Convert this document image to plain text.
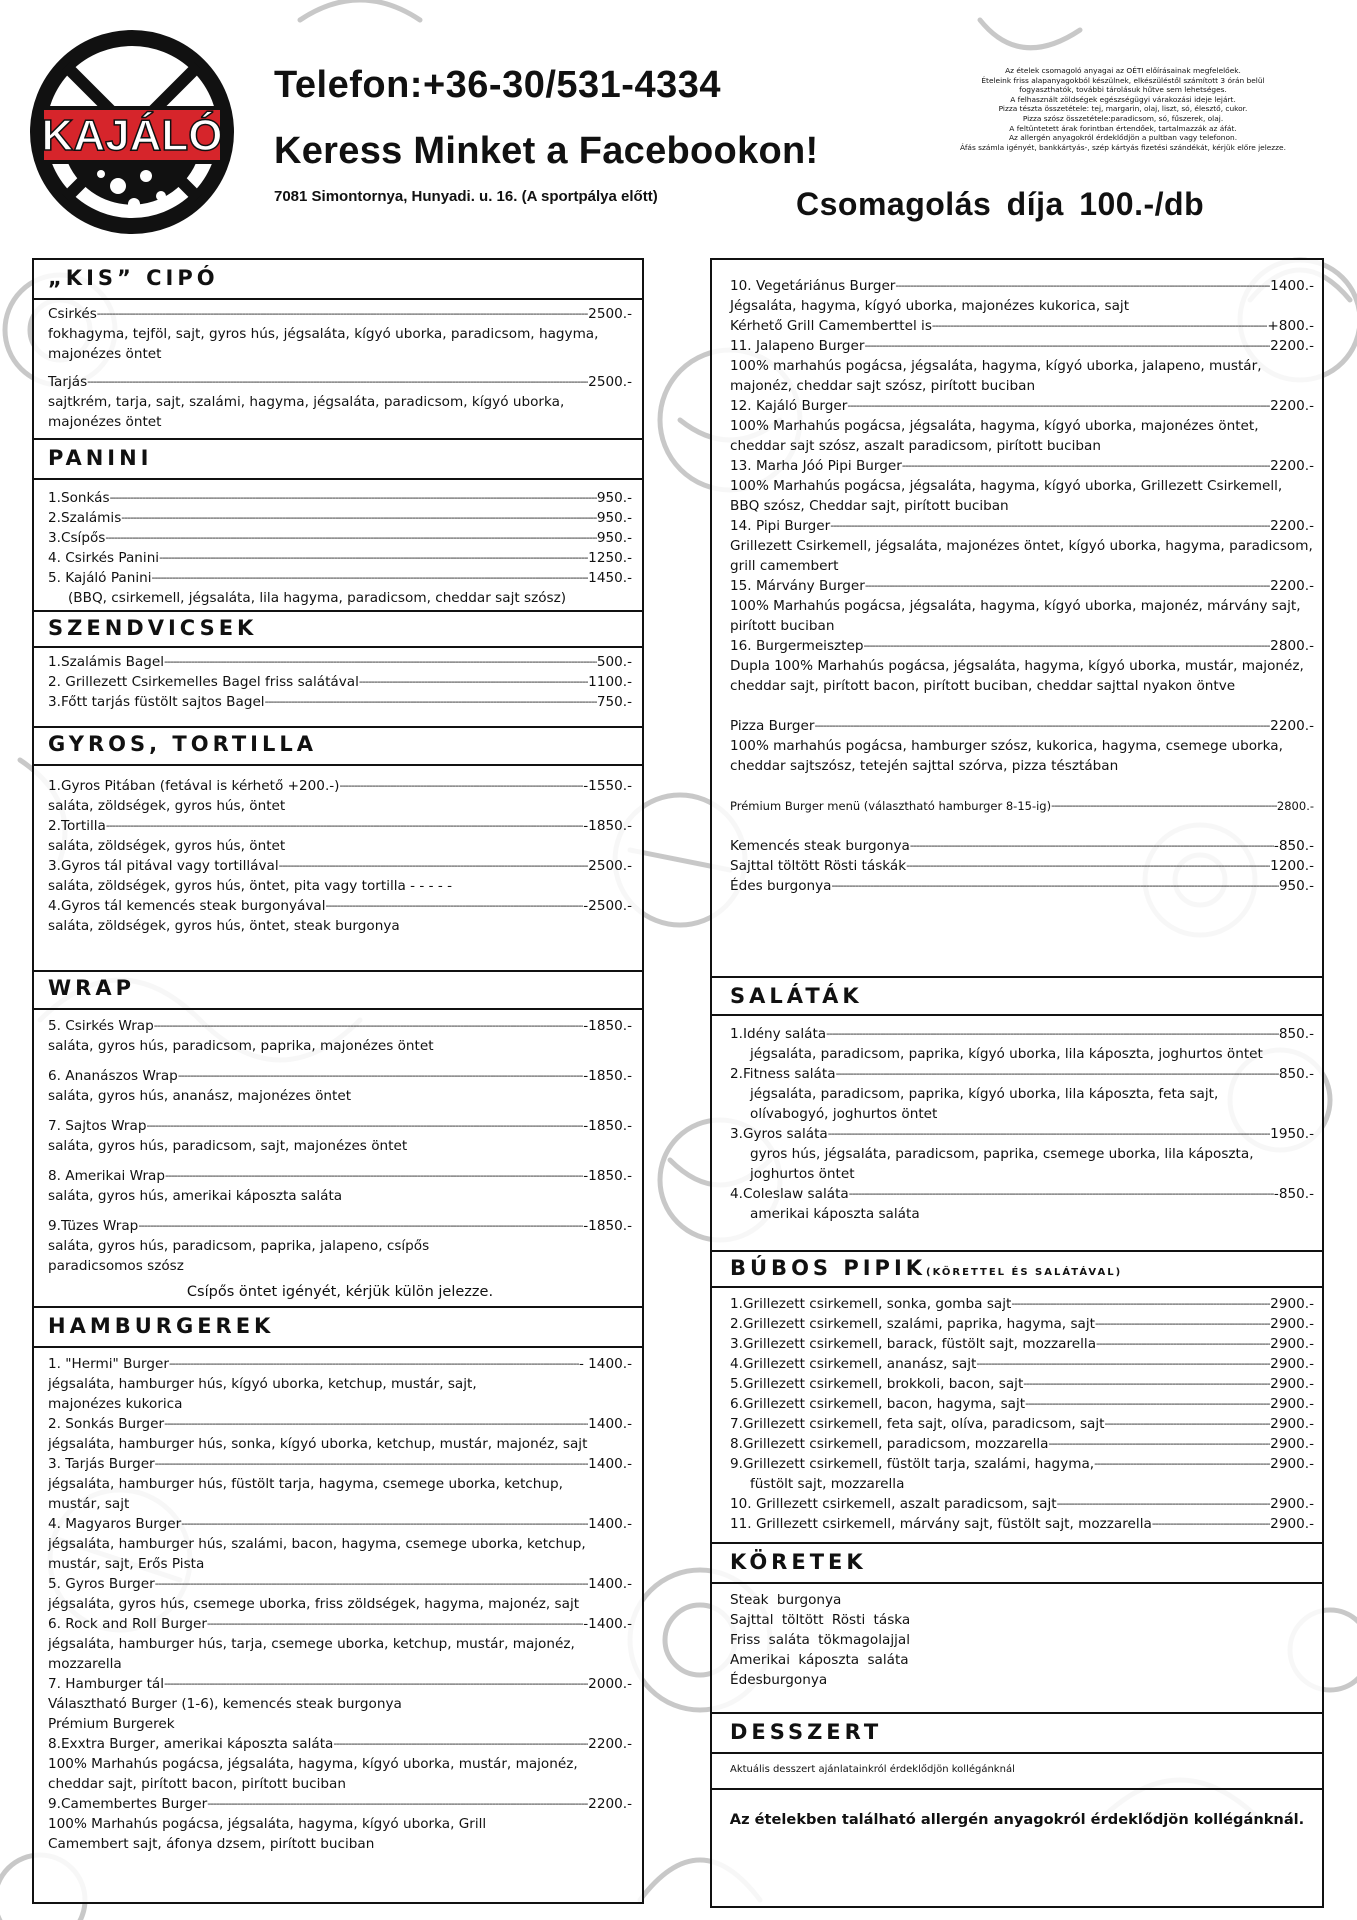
KAJÁLÓ
Telefon:+36-30/531-4334
Keress Minket a Facebookon!
7081 Simontornya, Hunyadi. u. 16. (A sportpálya előtt)	Csomagolás díja 100.-/db
Az ételek csomagoló anyagai az OÉTI előírásainak megfelelőek.
Ételeink friss alapanyagokból készülnek, elkészüléstől számított 3 órán belül
fogyaszthatók, további tárolásuk hűtve sem lehetséges.
A felhasznált zöldségek egészségügyi várakozási ideje lejárt.
Pizza tészta összetétele: tej, margarin, olaj, liszt, só, élesztő, cukor.
Pizza szósz összetétele:paradicsom, só, fűszerek, olaj.
A feltüntetett árak forintban értendőek, tartalmazzák az áfát.
Az allergén anyagokról érdeklődjön a pultban vagy telefonon.
Áfás számla igényét, bankkártyás-, szép kártyás fizetési szándékát, kérjük előre jelezze.
„KIS” CIPÓ
Csirkés -----	2500.-
fokhagyma, tejföl, sajt, gyros hús, jégsaláta, kígyó uborka, paradicsom, hagyma, majonézes öntet
Tarjás -----	2500.-
sajtkrém, tarja, sajt, szalámi, hagyma, jégsaláta, paradicsom, kígyó uborka, majonézes öntet
PANINI
1.Sonkás -----	950.-
2.Szalámis -----	950.-
3.Csípős -----	950.-
4. Csirkés Panini -----	1250.-
5. Kajáló Panini -----	1450.-
(BBQ, csirkemell, jégsaláta, lila hagyma, paradicsom, cheddar sajt szósz)
SZENDVICSEK
1.Szalámis Bagel -----	500.-
2. Grillezett Csirkemelles Bagel friss salátával -----	1100.-
3.Főtt tarjás füstölt sajtos Bagel -----	750.-
GYROS, TORTILLA
1.Gyros Pitában (fetával is kérhető +200.-) -----	-1550.-
saláta, zöldségek, gyros hús, öntet
2.Tortilla -----	-1850.-
saláta, zöldségek, gyros hús, öntet
3.Gyros tál pitával vagy tortillával -----	2500.-
saláta, zöldségek, gyros hús, öntet, pita vagy tortilla - - - - -
4.Gyros tál kemencés steak burgonyával -----	-2500.-
saláta, zöldségek, gyros hús, öntet, steak burgonya
WRAP
5. Csirkés Wrap -----	-1850.-
saláta, gyros hús, paradicsom, paprika, majonézes öntet
6. Ananászos Wrap -----	-1850.-
saláta, gyros hús, ananász, majonézes öntet
7. Sajtos Wrap -----	-1850.-
saláta, gyros hús, paradicsom, sajt, majonézes öntet
8. Amerikai Wrap -----	-1850.-
saláta, gyros hús, amerikai káposzta saláta
9.Tüzes Wrap -----	-1850.-
saláta, gyros hús, paradicsom, paprika, jalapeno, csípős paradicsomos szósz
Csípős öntet igényét, kérjük külön jelezze.
HAMBURGEREK
1. "Hermi" Burger -----	- 1400.-
jégsaláta, hamburger hús, kígyó uborka, ketchup, mustár, sajt, majonézes kukorica
2. Sonkás Burger -----	1400.-
jégsaláta, hamburger hús, sonka, kígyó uborka, ketchup, mustár, majonéz, sajt
3. Tarjás Burger -----	1400.-
jégsaláta, hamburger hús, füstölt tarja, hagyma, csemege uborka, ketchup, mustár, sajt
4. Magyaros Burger -----	1400.-
jégsaláta, hamburger hús, szalámi, bacon, hagyma, csemege uborka, ketchup, mustár, sajt, Erős Pista
5. Gyros Burger -----	1400.-
jégsaláta, gyros hús, csemege uborka, friss zöldségek, hagyma, majonéz, sajt
6. Rock and Roll Burger -----	-1400.-
jégsaláta, hamburger hús, tarja, csemege uborka, ketchup, mustár, majonéz, mozzarella
7. Hamburger tál -----	2000.-
Választható Burger (1-6), kemencés steak burgonya
Prémium Burgerek
8.Exxtra Burger, amerikai káposzta saláta -----	2200.-
100% Marhahús pogácsa, jégsaláta, hagyma, kígyó uborka, mustár, majonéz, cheddar sajt, pirított bacon, pirított buciban
9.Camembertes Burger -----	2200.-
100% Marhahús pogácsa, jégsaláta, hagyma, kígyó uborka, Grill Camembert sajt, áfonya dzsem, pirított buciban
10. Vegetáriánus Burger -----	1400.-
Jégsaláta, hagyma, kígyó uborka, majonézes kukorica, sajt
Kérhető Grill Camemberttel is -----	+800.-
11. Jalapeno Burger -----	2200.-
100% marhahús pogácsa, jégsaláta, hagyma, kígyó uborka, jalapeno, mustár, majonéz, cheddar sajt szósz, pirított buciban
12. Kajáló Burger -----	2200.-
100% Marhahús pogácsa, jégsaláta, hagyma, kígyó uborka, majonézes öntet, cheddar sajt szósz, aszalt paradicsom, pirított buciban
13. Marha Jóó Pipi Burger -----	2200.-
100% Marhahús pogácsa, jégsaláta, hagyma, kígyó uborka, Grillezett Csirkemell, BBQ szósz, Cheddar sajt, pirított buciban
14. Pipi Burger -----	2200.-
Grillezett Csirkemell, jégsaláta, majonézes öntet, kígyó uborka, hagyma, paradicsom, grill camembert
15. Márvány Burger -----	2200.-
100% Marhahús pogácsa, jégsaláta, hagyma, kígyó uborka, majonéz, márvány sajt, pirított buciban
16. Burgermeisztер -----	2800.-
Dupla 100% Marhahús pogácsa, jégsaláta, hagyma, kígyó uborka, mustár, majonéz, cheddar sajt, pirított bacon, pirított buciban, cheddar sajttal nyakon öntve
Pizza Burger -----	2200.-
100% marhahús pogácsa, hamburger szósz, kukorica, hagyma, csemege uborka, cheddar sajtszósz, tetején sajttal szórva, pizza tésztában
Prémium Burger menü (választható hamburger 8-15-ig) -----	2800.-
Kemencés steak burgonya -----	-850.-
Sajttal töltött Rösti táskák -----	1200.-
Édes burgonya -----	950.-
SALÁTÁK
1.Idény saláta -----	850.-
jégsaláta, paradicsom, paprika, kígyó uborka, lila káposzta, joghurtos öntet
2.Fitness saláta -----	850.-
jégsaláta, paradicsom, paprika, kígyó uborka, lila káposzta, feta sajt, olívabogyó, joghurtos öntet
3.Gyros saláta -----	1950.-
gyros hús, jégsaláta, paradicsom, paprika, csemege uborka, lila káposzta, joghurtos öntet
4.Coleslaw saláta -----	-850.-
amerikai káposzta saláta
BÚBOS PIPIK(KÖRETTEL ÉS SALÁTÁVAL)
1.Grillezett csirkemell, sonka, gomba sajt -----	2900.-
2.Grillezett csirkemell, szalámi, paprika, hagyma, sajt -----	2900.-
3.Grillezett csirkemell, barack, füstölt sajt, mozzarella -----	2900.-
4.Grillezett csirkemell, ananász, sajt -----	2900.-
5.Grillezett csirkemell, brokkoli, bacon, sajt -----	2900.-
6.Grillezett csirkemell, bacon, hagyma, sajt -----	2900.-
7.Grillezett csirkemell, feta sajt, olíva, paradicsom, sajt -----	2900.-
8.Grillezett csirkemell, paradicsom, mozzarella -----	2900.-
9.Grillezett csirkemell, füstölt tarja, szalámi, hagyma, -----	2900.-
füstölt sajt, mozzarella
10. Grillezett csirkemell, aszalt paradicsom, sajt -----	2900.-
11. Grillezett csirkemell, márvány sajt, füstölt sajt, mozzarella -----	2900.-
KÖRETEK
Steak burgonya
Sajttal töltött Rösti táska
Friss saláta tökmagolajjal
Amerikai káposzta saláta
Édesburgonya
DESSZERT
Aktuális desszert ajánlatainkról érdeklődjön kollégánknál
Az ételekben található allergén anyagokról érdeklődjön kollégánknál.
